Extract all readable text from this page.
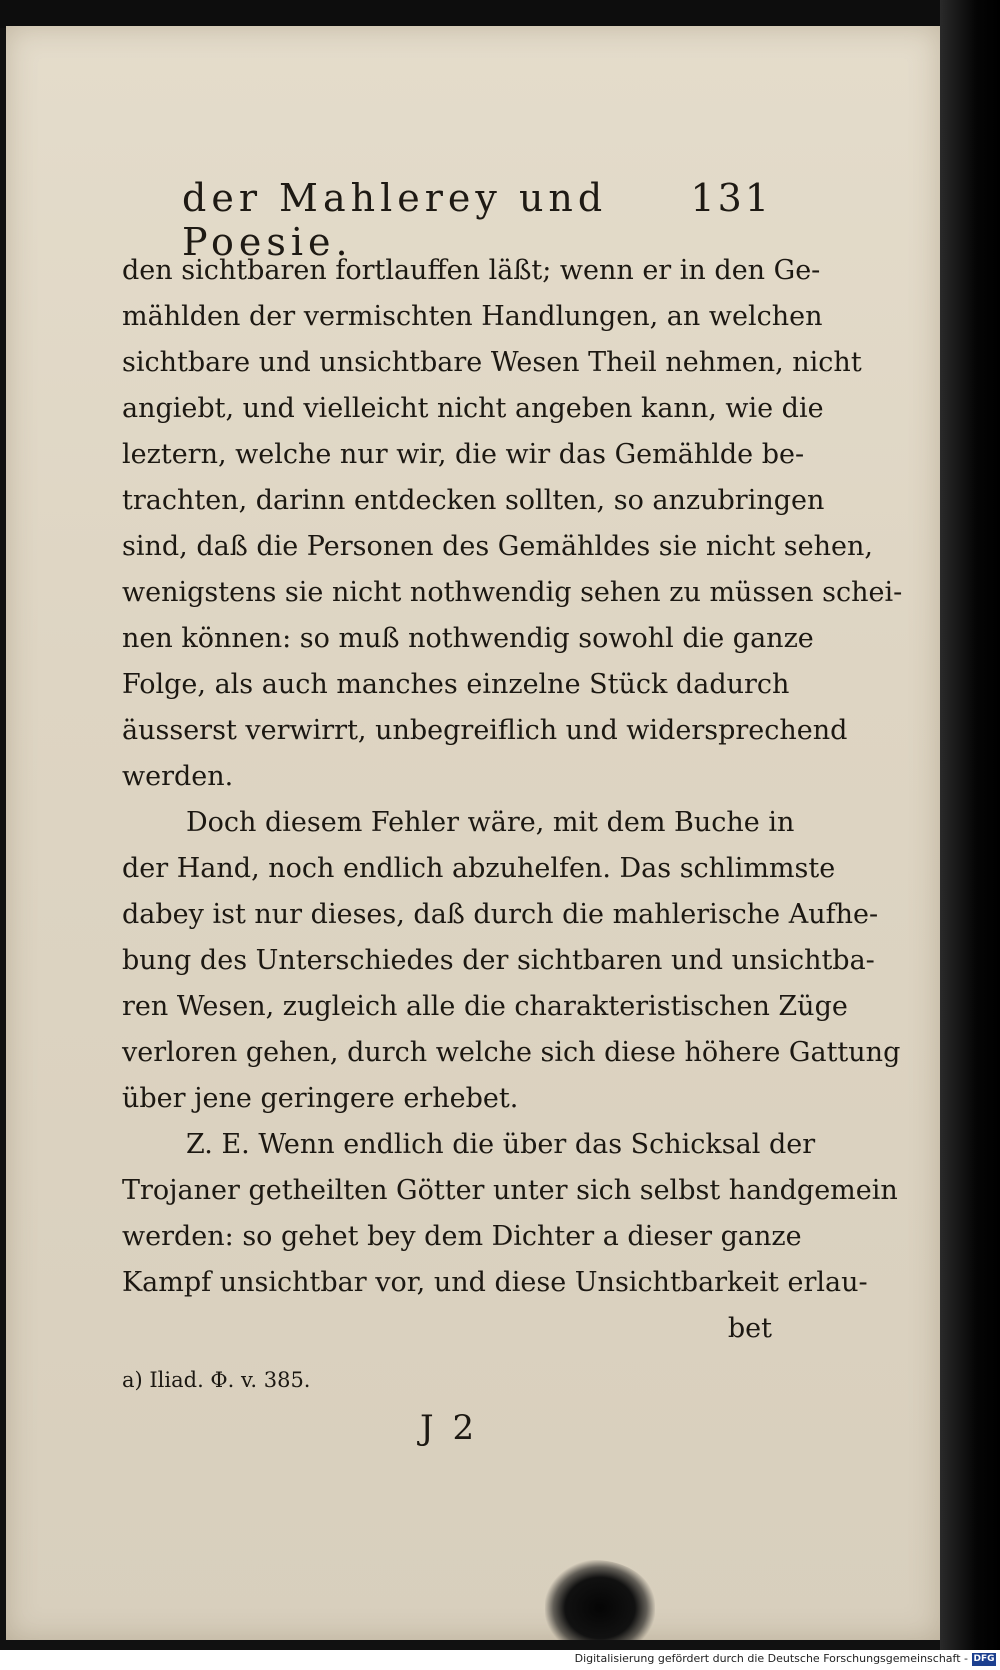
der Mahlerey und Poesie.
131
den sichtbaren fortlauffen läßt; wenn er in den Ge-
mählden der vermischten Handlungen, an welchen
sichtbare und unsichtbare Wesen Theil nehmen, nicht
angiebt, und vielleicht nicht angeben kann, wie die
leztern, welche nur wir, die wir das Gemählde be-
trachten, darinn entdecken sollten, so anzubringen
sind, daß die Personen des Gemähldes sie nicht sehen,
wenigstens sie nicht nothwendig sehen zu müssen schei-
nen können: so muß nothwendig sowohl die ganze
Folge, als auch manches einzelne Stück dadurch
äusserst verwirrt, unbegreiflich und widersprechend
werden.
Doch diesem Fehler wäre, mit dem Buche in
der Hand, noch endlich abzuhelfen. Das schlimmste
dabey ist nur dieses, daß durch die mahlerische Aufhe-
bung des Unterschiedes der sichtbaren und unsichtba-
ren Wesen, zugleich alle die charakteristischen Züge
verloren gehen, durch welche sich diese höhere Gattung
über jene geringere erhebet.
Z. E. Wenn endlich die über das Schicksal der
Trojaner getheilten Götter unter sich selbst handgemein
werden: so gehet bey dem Dichter a dieser ganze
Kampf unsichtbar vor, und diese Unsichtbarkeit erlau-
bet
a) Iliad. Φ. v. 385.
J 2
Digitalisierung gefördert durch die Deutsche Forschungsgemeinschaft - DFG
